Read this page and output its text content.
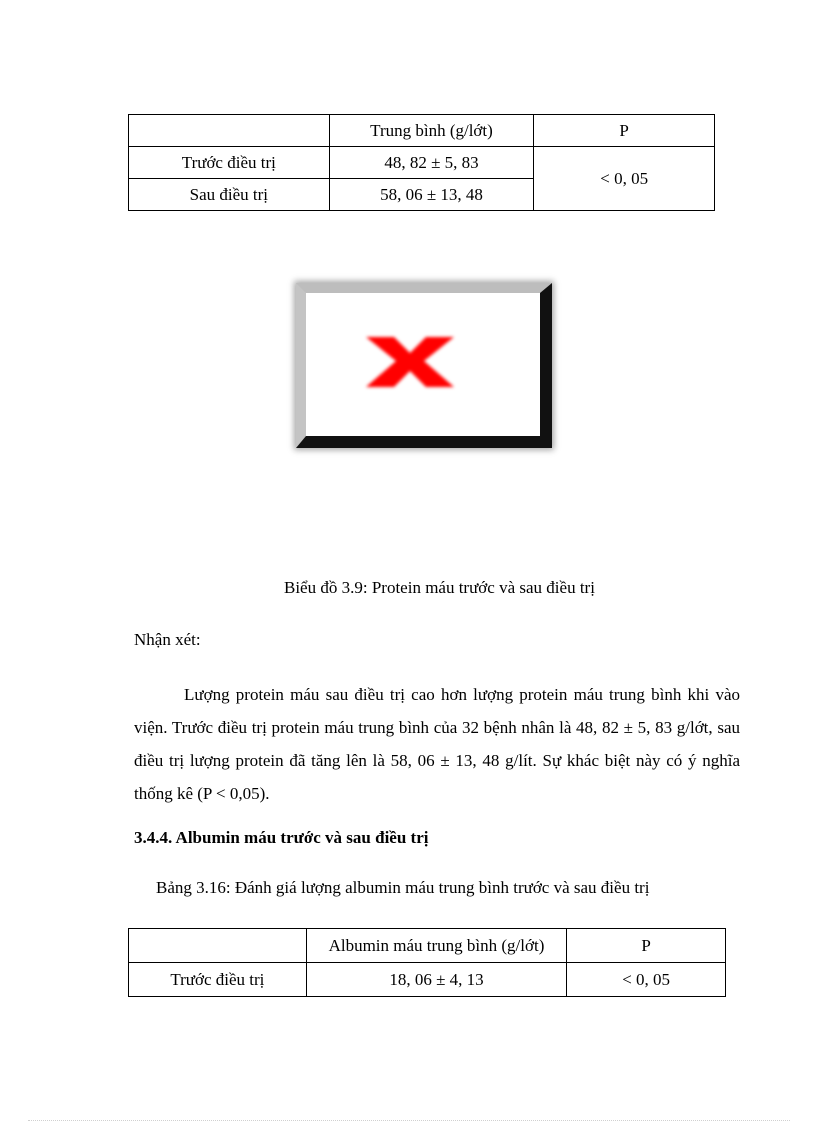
	Trung bình (g/lớt)	P
Trước điều trị	48, 82 ± 5, 83	< 0, 05
Sau điều trị	58, 06 ± 13, 48	
Biểu đồ 3.9: Protein máu trước và sau điều trị
Nhận xét:
Lượng protein máu sau điều trị cao hơn lượng protein máu trung bình khi vào viện. Trước điều trị protein máu trung bình của 32 bệnh nhân là 48, 82 ± 5, 83 g/lớt, sau điều trị lượng protein đã tăng lên là 58, 06 ± 13, 48 g/lít. Sự khác biệt này có ý nghĩa thống kê (P < 0,05).
3.4.4. Albumin máu trước và sau điều trị
Bảng 3.16: Đánh giá lượng albumin máu trung bình trước và sau điều trị
	Albumin máu trung bình (g/lớt)	P
Trước điều trị	18, 06 ± 4, 13	< 0, 05
